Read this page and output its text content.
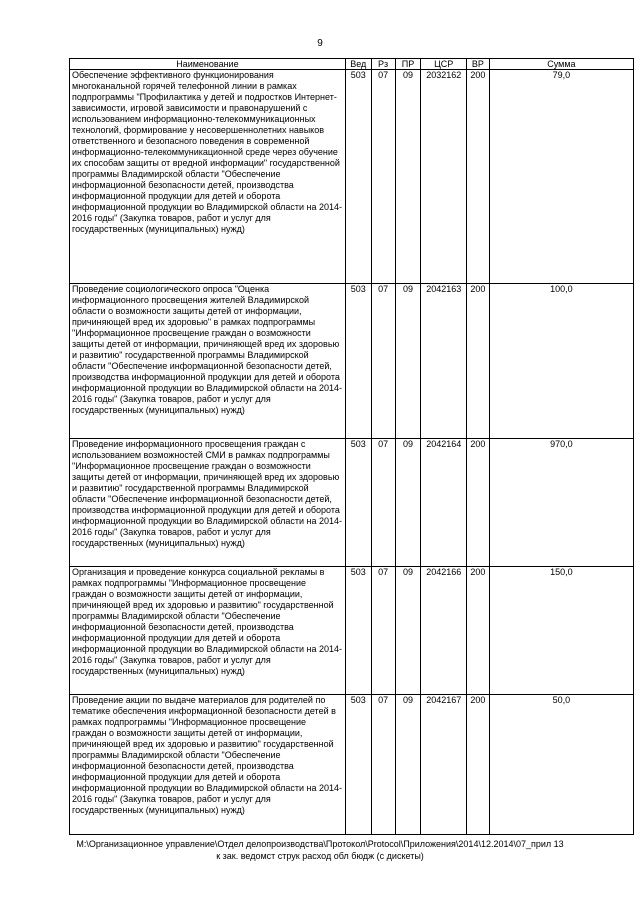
9
Наименование	Вед	Рз	ПР	ЦСР	ВР	Сумма
Обеспечение эффективного функционирования многоканальной горячей телефонной линии в рамках подпрограммы "Профилактика у детей и подростков Интернет-зависимости, игровой зависимости и правонарушений с использованием информационно-телекоммуникационных технологий, формирование у несовершеннолетних навыков ответственного и безопасного поведения в современной информационно-телекоммуникационной среде через обучение их способам защиты от вредной информации" государственной программы Владимирской области "Обеспечение информационной безопасности детей, производства информационной продукции для детей и оборота информационной продукции во Владимирской области на 2014-2016 годы" (Закупка товаров, работ и услуг для государственных (муниципальных) нужд)	503	07	09	2032162	200	79,0
Проведение социологического опроса "Оценка информационного просвещения жителей Владимирской области о возможности защиты детей от информации, причиняющей вред их здоровью" в рамках подпрограммы "Информационное просвещение граждан о возможности защиты детей от информации, причиняющей вред их здоровью и развитию" государственной программы Владимирской области "Обеспечение информационной безопасности детей, производства информационной продукции для детей и оборота информационной продукции во Владимирской области на 2014-2016 годы" (Закупка товаров, работ и услуг для государственных (муниципальных) нужд)	503	07	09	2042163	200	100,0
Проведение информационного просвещения граждан с использованием возможностей СМИ в рамках подпрограммы "Информационное просвещение граждан о возможности защиты детей от информации, причиняющей вред их здоровью и развитию" государственной программы Владимирской области "Обеспечение информационной безопасности детей, производства информационной продукции для детей и оборота информационной продукции во Владимирской области на 2014-2016 годы" (Закупка товаров, работ и услуг для государственных (муниципальных) нужд)	503	07	09	2042164	200	970,0
Организация и проведение конкурса социальной рекламы в рамках подпрограммы "Информационное просвещение граждан о возможности защиты детей от информации, причиняющей вред их здоровью и развитию" государственной программы Владимирской области "Обеспечение информационной безопасности детей, производства информационной продукции для детей и оборота информационной продукции во Владимирской области на 2014-2016 годы" (Закупка товаров, работ и услуг для государственных (муниципальных) нужд)	503	07	09	2042166	200	150,0
Проведение акции по выдаче материалов для родителей по тематике обеспечения информационной безопасности детей в рамках подпрограммы "Информационное просвещение граждан о возможности защиты детей от информации, причиняющей вред их здоровью и развитию" государственной программы Владимирской области "Обеспечение информационной безопасности детей, производства информационной продукции для детей и оборота информационной продукции во Владимирской области на 2014-2016 годы" (Закупка товаров, работ и услуг для государственных (муниципальных) нужд)	503	07	09	2042167	200	50,0
М:\Организационное управление\Отдел делопроизводства\Протокол\Protocol\Приложения\2014\12.2014\07_прил 13
к зак. ведомст струк расход обл бюдж (с дискеты)
